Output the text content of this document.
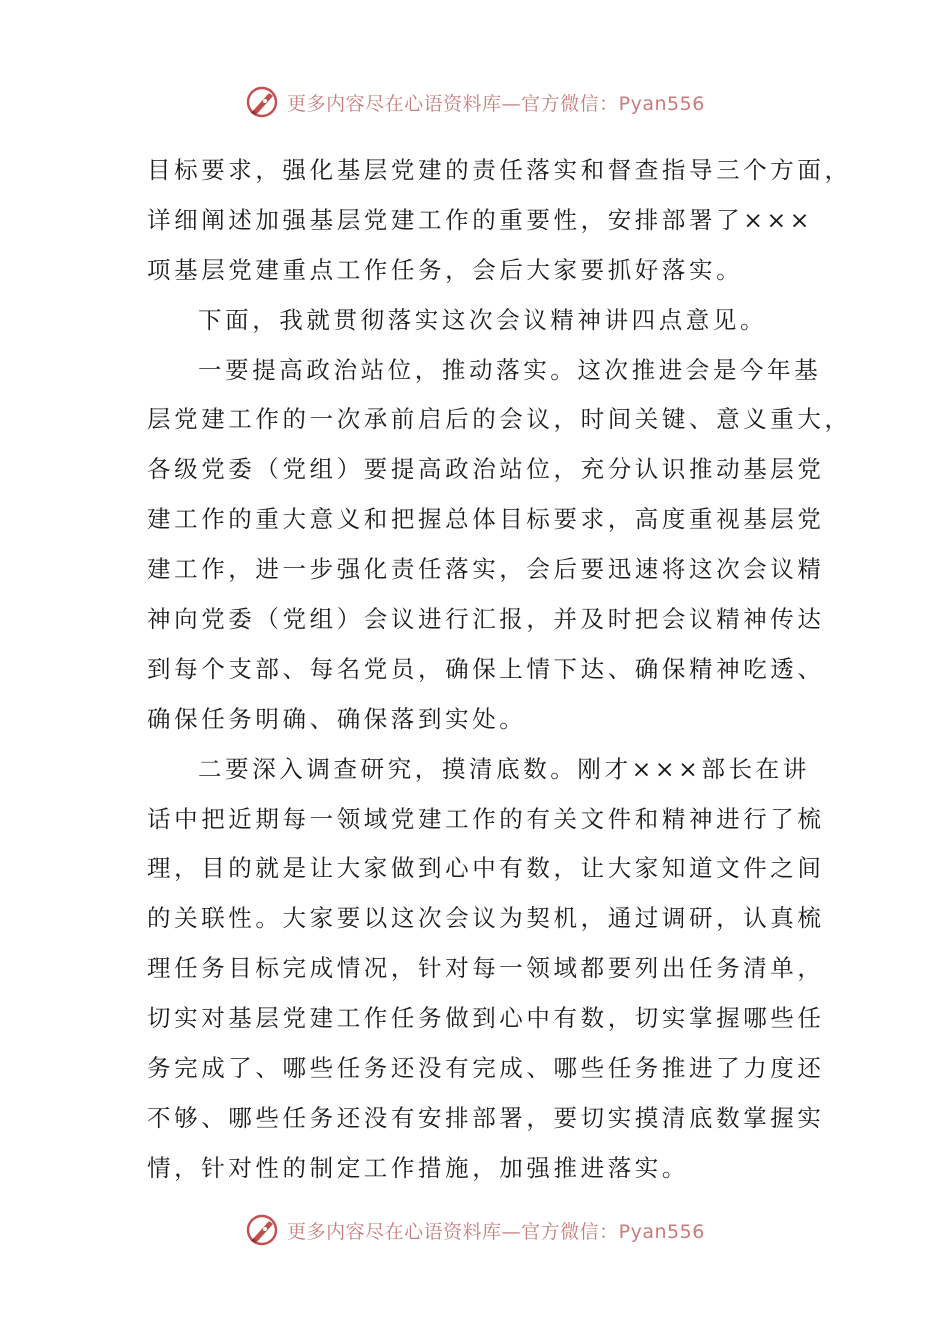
更多内容尽在心语资料库—官方微信：Pyan556
目标要求，强化基层党建的责任落实和督查指导三个方面，
详细阐述加强基层党建工作的重要性，安排部署了×××
项基层党建重点工作任务，会后大家要抓好落实。
下面，我就贯彻落实这次会议精神讲四点意见。
一要提高政治站位，推动落实。这次推进会是今年基
层党建工作的一次承前启后的会议，时间关键、意义重大，
各级党委（党组）要提高政治站位，充分认识推动基层党
建工作的重大意义和把握总体目标要求，高度重视基层党
建工作，进一步强化责任落实，会后要迅速将这次会议精
神向党委（党组）会议进行汇报，并及时把会议精神传达
到每个支部、每名党员，确保上情下达、确保精神吃透、
确保任务明确、确保落到实处。
二要深入调查研究，摸清底数。刚才×××部长在讲
话中把近期每一领域党建工作的有关文件和精神进行了梳
理，目的就是让大家做到心中有数，让大家知道文件之间
的关联性。大家要以这次会议为契机，通过调研，认真梳
理任务目标完成情况，针对每一领域都要列出任务清单，
切实对基层党建工作任务做到心中有数，切实掌握哪些任
务完成了、哪些任务还没有完成、哪些任务推进了力度还
不够、哪些任务还没有安排部署，要切实摸清底数掌握实
情，针对性的制定工作措施，加强推进落实。
更多内容尽在心语资料库—官方微信：Pyan556
